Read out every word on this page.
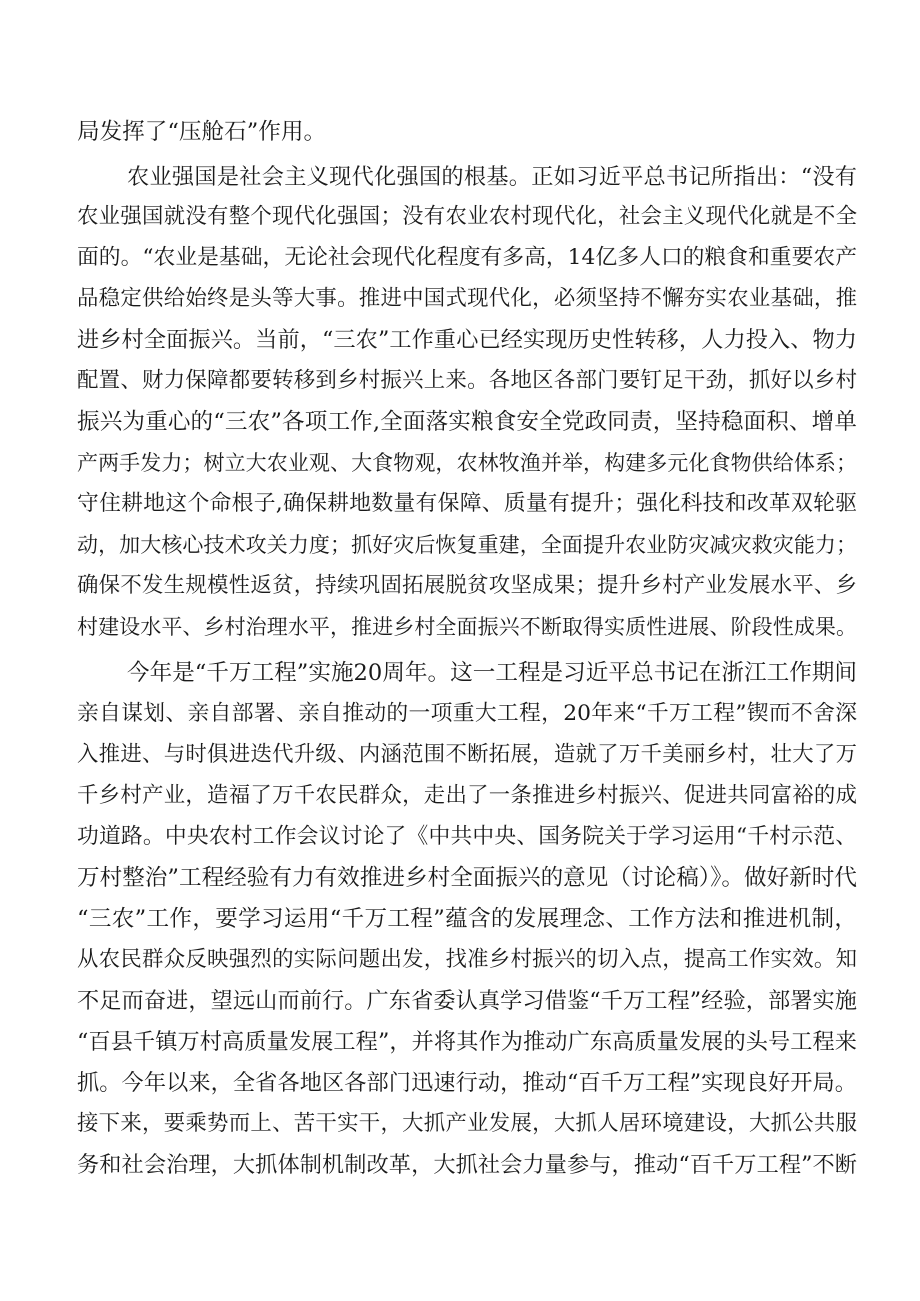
局发挥了“压舱石”作用。
农业强国是社会主义现代化强国的根基。正如习近平总书记所指出：“没有
农业强国就没有整个现代化强国；没有农业农村现代化，社会主义现代化就是不全
面的。“农业是基础，无论社会现代化程度有多高，14亿多人口的粮食和重要农产
品稳定供给始终是头等大事。推进中国式现代化，必须坚持不懈夯实农业基础，推
进乡村全面振兴。当前，“三农”工作重心已经实现历史性转移，人力投入、物力
配置、财力保障都要转移到乡村振兴上来。各地区各部门要钉足干劲，抓好以乡村
振兴为重心的“三农”各项工作,全面落实粮食安全党政同责，坚持稳面积、增单
产两手发力；树立大农业观、大食物观，农林牧渔并举，构建多元化食物供给体系；
守住耕地这个命根子,确保耕地数量有保障、质量有提升；强化科技和改革双轮驱
动，加大核心技术攻关力度；抓好灾后恢复重建，全面提升农业防灾减灾救灾能力；
确保不发生规模性返贫，持续巩固拓展脱贫攻坚成果；提升乡村产业发展水平、乡
村建设水平、乡村治理水平，推进乡村全面振兴不断取得实质性进展、阶段性成果。
今年是“千万工程”实施20周年。这一工程是习近平总书记在浙江工作期间
亲自谋划、亲自部署、亲自推动的一项重大工程，20年来“千万工程”锲而不舍深
入推进、与时俱进迭代升级、内涵范围不断拓展，造就了万千美丽乡村，壮大了万
千乡村产业，造福了万千农民群众，走出了一条推进乡村振兴、促进共同富裕的成
功道路。中央农村工作会议讨论了《中共中央、国务院关于学习运用“千村示范、
万村整治”工程经验有力有效推进乡村全面振兴的意见（讨论稿）》。做好新时代
“三农”工作，要学习运用“千万工程”蕴含的发展理念、工作方法和推进机制，
从农民群众反映强烈的实际问题出发，找准乡村振兴的切入点，提高工作实效。知
不足而奋进，望远山而前行。广东省委认真学习借鉴“千万工程”经验，部署实施
“百县千镇万村高质量发展工程”，并将其作为推动广东高质量发展的头号工程来
抓。今年以来，全省各地区各部门迅速行动，推动“百千万工程”实现良好开局。
接下来，要乘势而上、苦干实干，大抓产业发展，大抓人居环境建设，大抓公共服
务和社会治理，大抓体制机制改革，大抓社会力量参与，推动“百千万工程”不断
